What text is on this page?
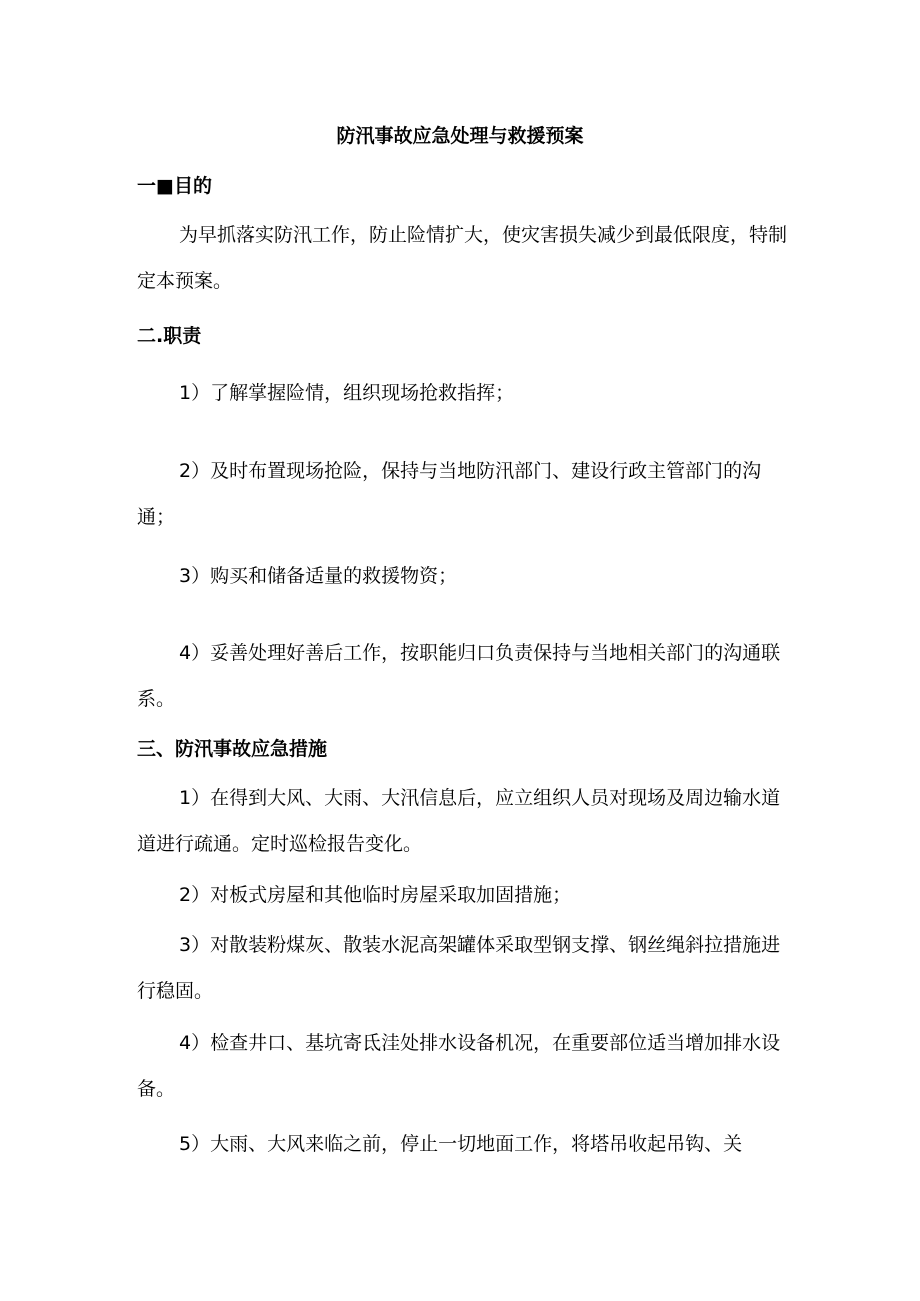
防汛事故应急处理与救援预案
一■目的
为早抓落实防汛工作，防止险情扩大，使灾害损失减少到最低限度，特制定本预案。
二.职责
1）了解掌握险情，组织现场抢救指挥；
2）及时布置现场抢险，保持与当地防汛部门、建设行政主管部门的沟通；
3）购买和储备适量的救援物资；
4）妥善处理好善后工作，按职能归口负责保持与当地相关部门的沟通联系。
三、防汛事故应急措施
1）在得到大风、大雨、大汛信息后，应立组织人员对现场及周边输水道道进行疏通。定时巡检报告变化。
2）对板式房屋和其他临时房屋采取加固措施；
3）对散装粉煤灰、散装水泥高架罐体采取型钢支撑、钢丝绳斜拉措施进行稳固。
4）检查井口、基坑寄氐洼处排水设备机况，在重要部位适当增加排水设备。
5）大雨、大风来临之前，停止一切地面工作，将塔吊收起吊钩、关
